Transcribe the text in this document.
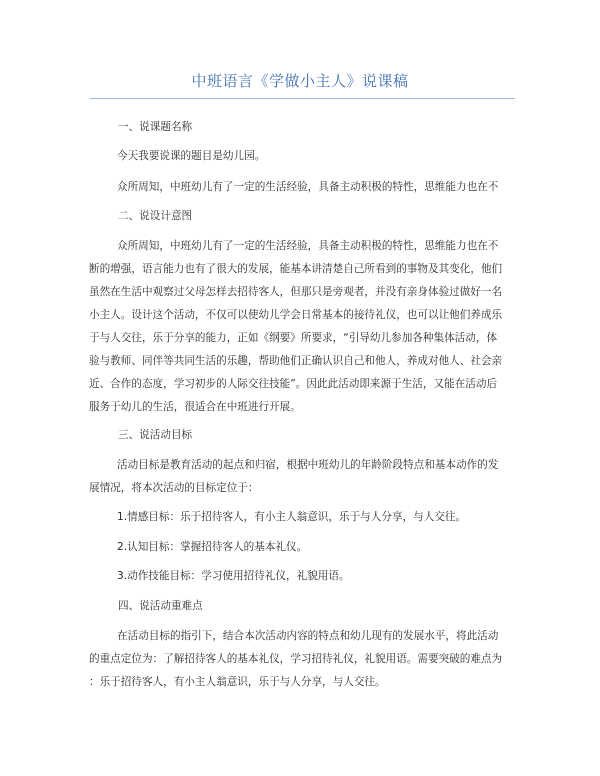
中班语言《学做小主人》说课稿
一、说课题名称
今天我要说课的题目是幼儿园。
众所周知，中班幼儿有了一定的生活经验，具备主动积极的特性，思维能力也在不
二、说设计意图
众所周知，中班幼儿有了一定的生活经验，具备主动积极的特性，思维能力也在不
断的增强，语言能力也有了很大的发展，能基本讲清楚自己所看到的事物及其变化，他们
虽然在生活中观察过父母怎样去招待客人，但那只是旁观者，并没有亲身体验过做好一名
小主人。设计这个活动，不仅可以使幼儿学会日常基本的接待礼仪，也可以让他们养成乐
于与人交往，乐于分享的能力，正如《纲要》所要求，“引导幼儿参加各种集体活动，体
验与教师、同伴等共同生活的乐趣，帮助他们正确认识自己和他人，养成对他人、社会亲
近、合作的态度，学习初步的人际交往技能”。因此此活动即来源于生活，又能在活动后
服务于幼儿的生活，很适合在中班进行开展。
三、说活动目标
活动目标是教育活动的起点和归宿，根据中班幼儿的年龄阶段特点和基本动作的发
展情况，将本次活动的目标定位于：
1.情感目标：乐于招待客人，有小主人翁意识，乐于与人分享，与人交往。
2.认知目标：掌握招待客人的基本礼仪。
3.动作技能目标：学习使用招待礼仪，礼貌用语。
四、说活动重难点
在活动目标的指引下，结合本次活动内容的特点和幼儿现有的发展水平，将此活动
的重点定位为：了解招待客人的基本礼仪，学习招待礼仪，礼貌用语。需要突破的难点为
：乐于招待客人，有小主人翁意识，乐于与人分享，与人交往。
